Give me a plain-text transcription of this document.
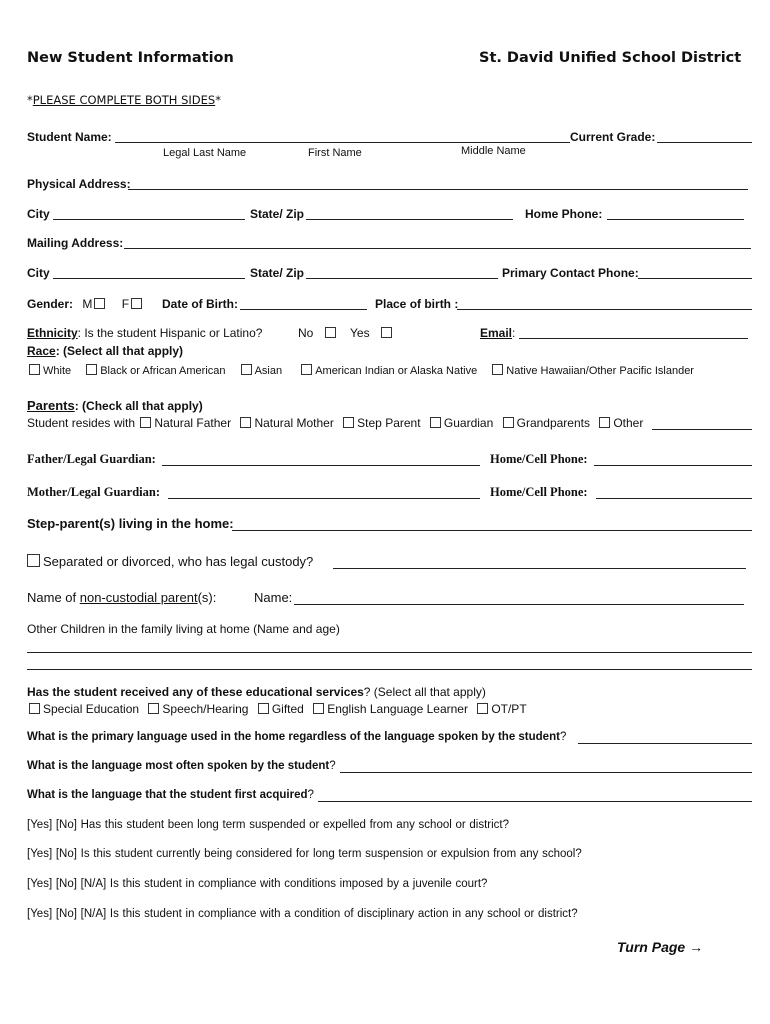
New Student Information	St. David Unified School District
*PLEASE COMPLETE BOTH SIDES*
Student Name:	Current Grade:
Legal Last Name	First Name	Middle Name
Physical Address:
City	State/ Zip	Home Phone:
Mailing Address:
City	State/ Zip	Primary Contact Phone:
Gender: M F	Date of Birth:	Place of birth :
Ethnicity: Is the student Hispanic or Latino?	No	Yes	Email:
Race: (Select all that apply)
White	Black or African American	Asian	American Indian or Alaska Native	Native Hawaiian/Other Pacific Islander
Parents: (Check all that apply)
Student resides with Natural Father Natural Mother Step Parent Guardian Grandparents Other
Father/Legal Guardian:	Home/Cell Phone:
Mother/Legal Guardian:	Home/Cell Phone:
Step-parent(s) living in the home:
Separated or divorced, who has legal custody?
Name of non-custodial parent(s):	Name:
Other Children in the family living at home (Name and age)
Has the student received any of these educational services? (Select all that apply)
Special Education Speech/Hearing Gifted English Language Learner OT/PT
What is the primary language used in the home regardless of the language spoken by the student?
What is the language most often spoken by the student?
What is the language that the student first acquired?
[Yes] [No] Has this student been long term suspended or expelled from any school or district?
[Yes] [No] Is this student currently being considered for long term suspension or expulsion from any school?
[Yes] [No] [N/A] Is this student in compliance with conditions imposed by a juvenile court?
[Yes] [No] [N/A] Is this student in compliance with a condition of disciplinary action in any school or district?
Turn Page →
